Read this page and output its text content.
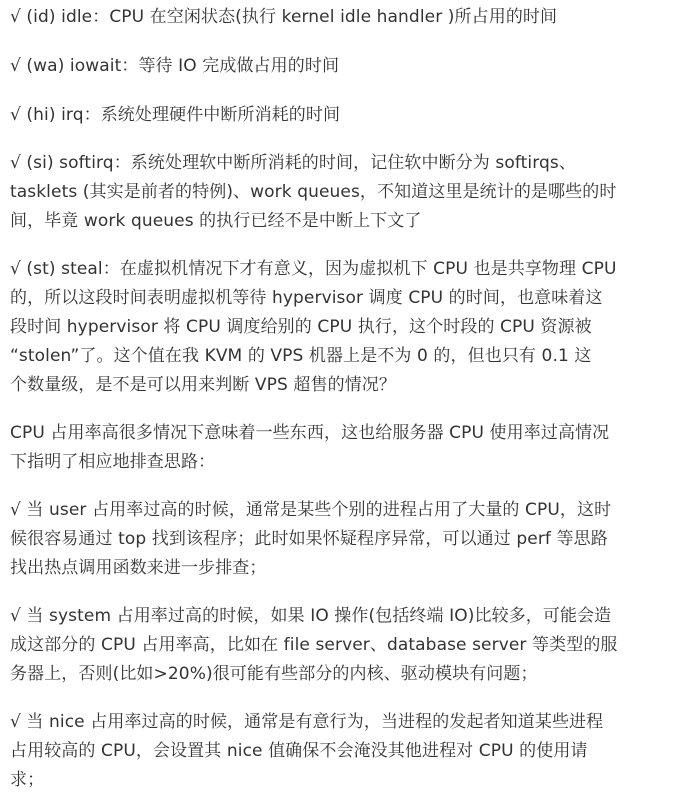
√ (id) idle：CPU 在空闲状态(执行 kernel idle handler )所占用的时间

√ (wa) iowait：等待 IO 完成做占用的时间

√ (hi) irq：系统处理硬件中断所消耗的时间

√ (si) softirq：系统处理软中断所消耗的时间，记住软中断分为 softirqs、
tasklets (其实是前者的特例)、work queues，不知道这里是统计的是哪些的时
间，毕竟 work queues 的执行已经不是中断上下文了

√ (st) steal：在虚拟机情况下才有意义，因为虚拟机下 CPU 也是共享物理 CPU
的，所以这段时间表明虚拟机等待 hypervisor 调度 CPU 的时间，也意味着这
段时间 hypervisor 将 CPU 调度给别的 CPU 执行，这个时段的 CPU 资源被
“stolen”了。这个值在我 KVM 的 VPS 机器上是不为 0 的，但也只有 0.1 这
个数量级，是不是可以用来判断 VPS 超售的情况？

CPU 占用率高很多情况下意味着一些东西，这也给服务器 CPU 使用率过高情况
下指明了相应地排查思路：

√ 当 user 占用率过高的时候，通常是某些个别的进程占用了大量的 CPU，这时
候很容易通过 top 找到该程序；此时如果怀疑程序异常，可以通过 perf 等思路
找出热点调用函数来进一步排查；

√ 当 system 占用率过高的时候，如果 IO 操作(包括终端 IO)比较多，可能会造
成这部分的 CPU 占用率高，比如在 file server、database server 等类型的服
务器上，否则(比如>20%)很可能有些部分的内核、驱动模块有问题；

√ 当 nice 占用率过高的时候，通常是有意行为，当进程的发起者知道某些进程
占用较高的 CPU，会设置其 nice 值确保不会淹没其他进程对 CPU 的使用请
求；
